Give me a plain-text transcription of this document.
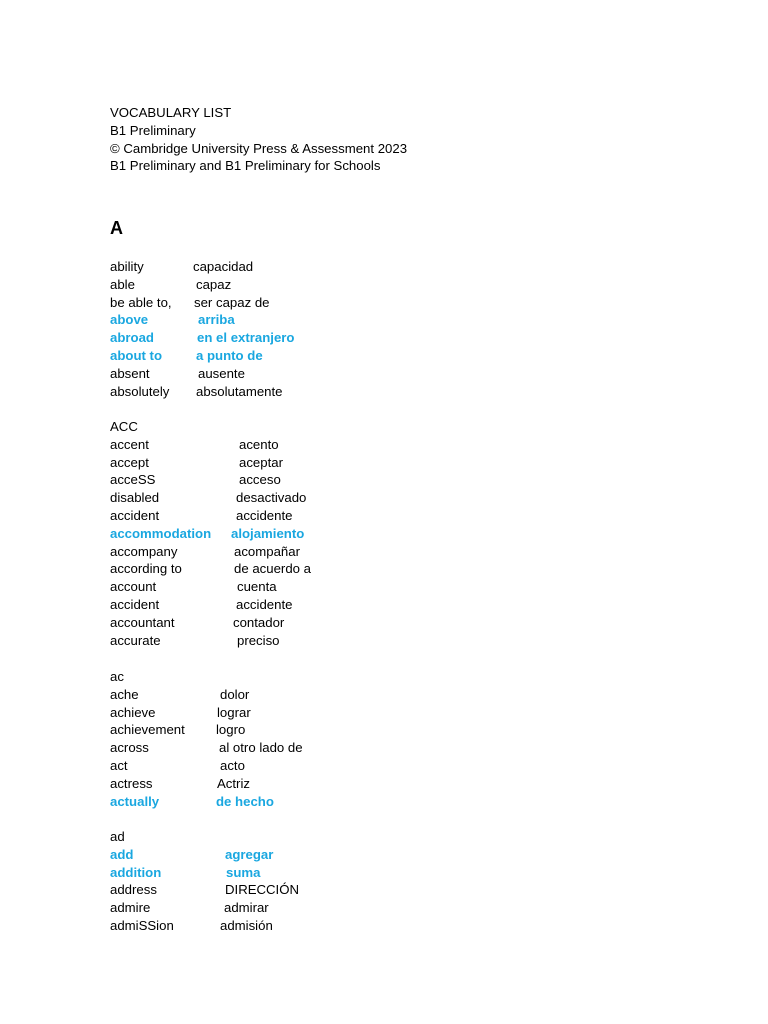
VOCABULARY LIST
B1 Preliminary
© Cambridge University Press & Assessment 2023
B1 Preliminary and B1 Preliminary for Schools
A
ability	capacidad
able	capaz
be able to, ser capaz de
above	arriba
abroad	en el extranjero
about to	a punto de
absent	ausente
absolutely absolutamente
ACC
accent	acento
accept	aceptar
acceSS	acceso
disabled	desactivado
accident	accidente
accommodation alojamiento
accompany	acompañar
according to	de acuerdo a
account	cuenta
accident	accidente
accountant	contador
accurate	preciso
ac
ache	dolor
achieve	lograr
achievement logro
across	al otro lado de
act	acto
actress	Actriz
actually	de hecho
ad
add	agregar
addition	suma
address	DIRECCIÓN
admire	admirar
admiSSion	admisión
